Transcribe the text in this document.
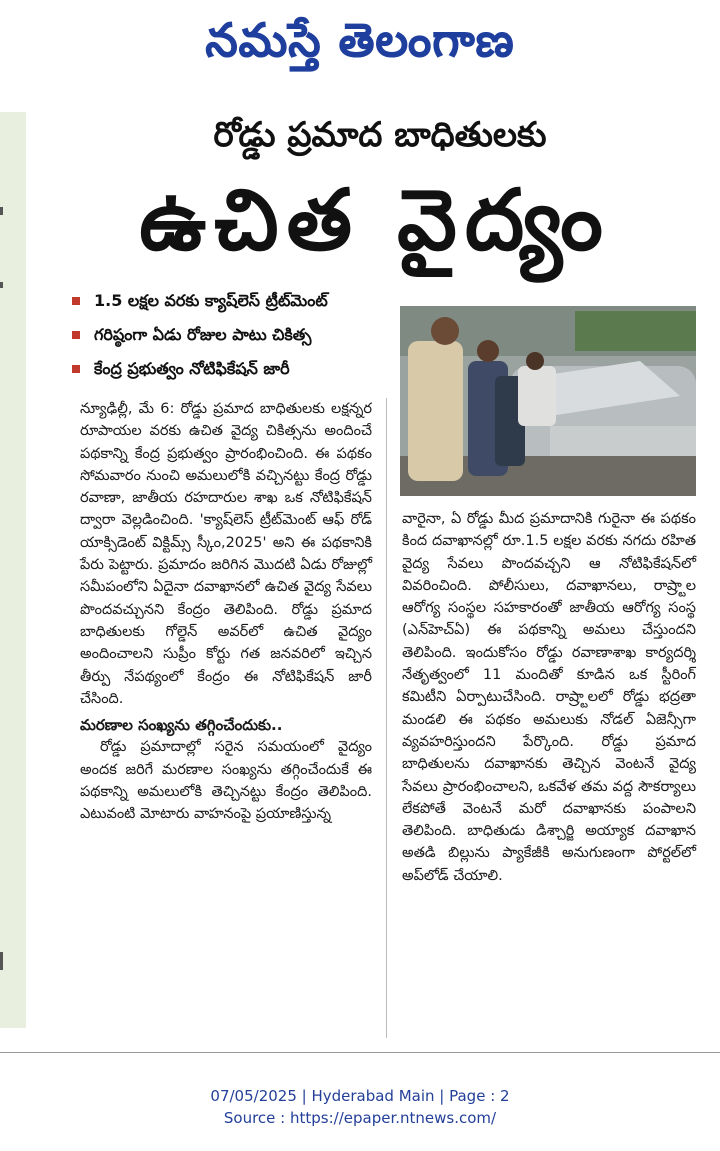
నమస్తే తెలంగాణ
రోడ్డు ప్రమాద బాధితులకు
ఉచిత వైద్యం
1.5 లక్షల వరకు క్యాష్‌లెస్ ట్రీట్‌మెంట్
గరిష్ఠంగా ఏడు రోజుల పాటు చికిత్స
కేంద్ర ప్రభుత్వం నోటిఫికేషన్ జారీ

న్యూఢిల్లీ, మే 6: రోడ్డు ప్రమాద బాధితులకు లక్షన్నర రూపాయల వరకు ఉచిత వైద్య చికిత్సను అందించే పథకాన్ని కేంద్ర ప్రభుత్వం ప్రారంభించింది. ఈ పథకం సోమవారం నుంచి అమలులోకి వచ్చినట్టు కేంద్ర రోడ్డు రవాణా, జాతీయ రహదారుల శాఖ ఒక నోటిఫికేషన్ ద్వారా వెల్లడించింది. 'క్యాష్‌లెస్ ట్రీట్‌మెంట్ ఆఫ్ రోడ్ యాక్సిడెంట్ విక్టిమ్స్ స్కీం,2025' అని ఈ పథకానికి పేరు పెట్టారు. ప్రమాదం జరిగిన మొదటి ఏడు రోజుల్లో సమీపంలోని ఏదైనా దవాఖానలో ఉచిత వైద్య సేవలు పొందవచ్చునని కేంద్రం తెలిపింది. రోడ్డు ప్రమాద బాధితులకు గోల్డెన్ అవర్‌లో ఉచిత వైద్యం అందించాలని సుప్రీం కోర్టు గత జనవరిలో ఇచ్చిన తీర్పు నేపథ్యంలో కేంద్రం ఈ నోటిఫికేషన్ జారీ చేసింది.

మరణాల సంఖ్యను తగ్గించేందుకు..

రోడ్డు ప్రమాదాల్లో సరైన సమయంలో వైద్యం అందక జరిగే మరణాల సంఖ్యను తగ్గించేందుకే ఈ పథకాన్ని అమలులోకి తెచ్చినట్టు కేంద్రం తెలిపింది. ఎటువంటి మోటారు వాహనంపై ప్రయాణిస్తున్న

వారైనా, ఏ రోడ్డు మీద ప్రమాదానికి గురైనా ఈ పథకం కింద దవాఖానల్లో రూ.1.5 లక్షల వరకు నగదు రహిత వైద్య సేవలు పొందవచ్చని ఆ నోటిఫికేషన్‌లో వివరించింది. పోలీసులు, దవాఖానలు, రాష్ర్టాల ఆరోగ్య సంస్థల సహకారంతో జాతీయ ఆరోగ్య సంస్థ (ఎన్‌హెచ్ఏ) ఈ పథకాన్ని అమలు చేస్తుందని తెలిపింది. ఇందుకోసం రోడ్డు రవాణాశాఖ కార్యదర్శి నేతృత్వంలో 11 మందితో కూడిన ఒక స్టీరింగ్ కమిటీని ఏర్పాటుచేసింది. రాష్ర్టాలలో రోడ్డు భద్రతా మండలి ఈ పథకం అమలుకు నోడల్ ఏజెన్సీగా వ్యవహరిస్తుందని పేర్కొంది. రోడ్డు ప్రమాద బాధితులను దవాఖానకు తెచ్చిన వెంటనే వైద్య సేవలు ప్రారంభించాలని, ఒకవేళ తమ వద్ద సౌకర్యాలు లేకపోతే వెంటనే మరో దవాఖానకు పంపాలని తెలిపింది. బాధితుడు డిశ్చార్జి అయ్యాక దవాఖాన అతడి బిల్లును ప్యాకేజీకి అనుగుణంగా పోర్టల్‌లో అప్‌లోడ్ చేయాలి.

07/05/2025 | Hyderabad Main | Page : 2
Source : https://epaper.ntnews.com/
